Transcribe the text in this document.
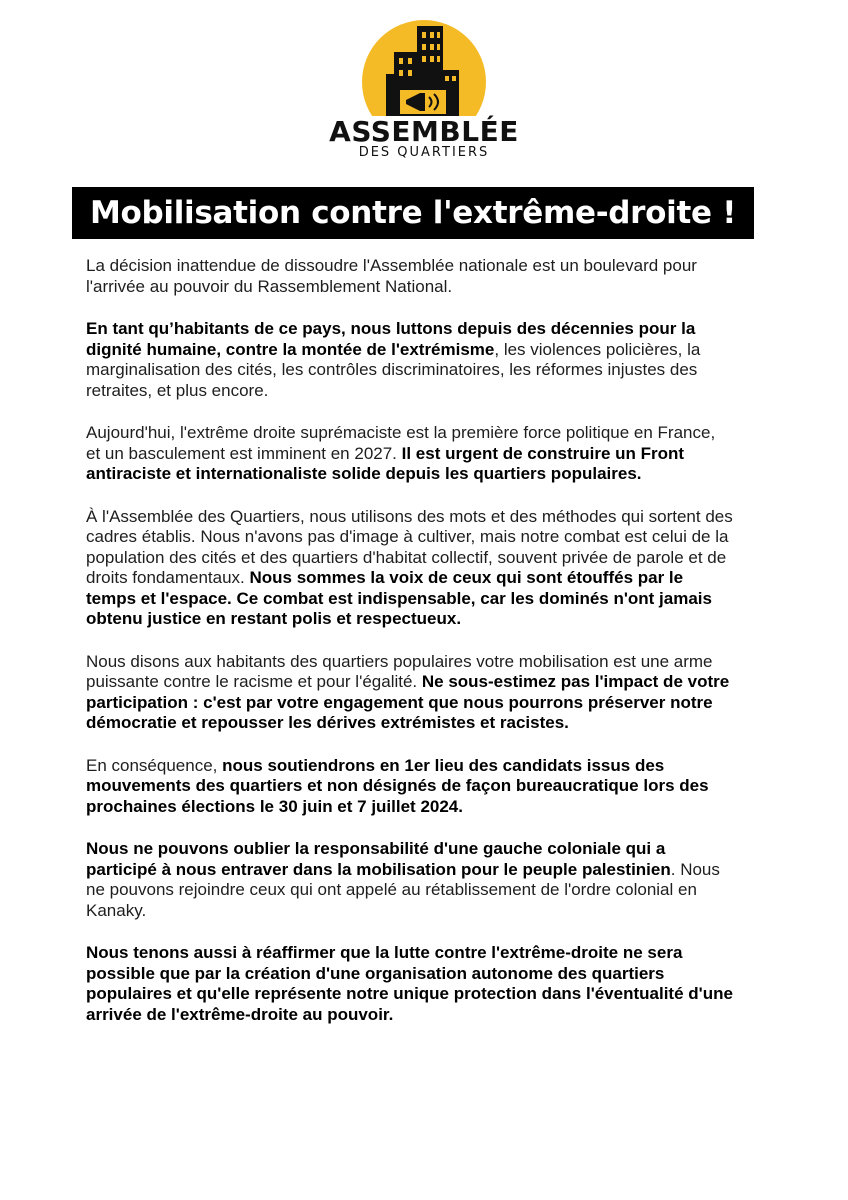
ASSEMBLÉE
DES QUARTIERS
Mobilisation contre l'extrême-droite !

La décision inattendue de dissoudre l'Assemblée nationale est un boulevard pour l'arrivée au pouvoir du Rassemblement National.

En tant qu’habitants de ce pays, nous luttons depuis des décennies pour la dignité humaine, contre la montée de l'extrémisme, les violences policières, la marginalisation des cités, les contrôles discriminatoires, les réformes injustes des retraites, et plus encore.

Aujourd'hui, l'extrême droite suprémaciste est la première force politique en France, et un basculement est imminent en 2027. Il est urgent de construire un Front antiraciste et internationaliste solide depuis les quartiers populaires.

À l'Assemblée des Quartiers, nous utilisons des mots et des méthodes qui sortent des cadres établis. Nous n'avons pas d'image à cultiver, mais notre combat est celui de la population des cités et des quartiers d'habitat collectif, souvent privée de parole et de droits fondamentaux. Nous sommes la voix de ceux qui sont étouffés par le temps et l'espace. Ce combat est indispensable, car les dominés n'ont jamais obtenu justice en restant polis et respectueux.

Nous disons aux habitants des quartiers populaires votre mobilisation est une arme puissante contre le racisme et pour l'égalité. Ne sous-estimez pas l'impact de votre participation : c'est par votre engagement que nous pourrons préserver notre démocratie et repousser les dérives extrémistes et racistes.

En conséquence, nous soutiendrons en 1er lieu des candidats issus des mouvements des quartiers et non désignés de façon bureaucratique lors des prochaines élections le 30 juin et 7 juillet 2024.

Nous ne pouvons oublier la responsabilité d'une gauche coloniale qui a participé à nous entraver dans la mobilisation pour le peuple palestinien. Nous ne pouvons rejoindre ceux qui ont appelé au rétablissement de l'ordre colonial en Kanaky.

Nous tenons aussi à réaffirmer que la lutte contre l'extrême-droite ne sera possible que par la création d'une organisation autonome des quartiers populaires et qu'elle représente notre unique protection dans l'éventualité d'une arrivée de l'extrême-droite au pouvoir.
